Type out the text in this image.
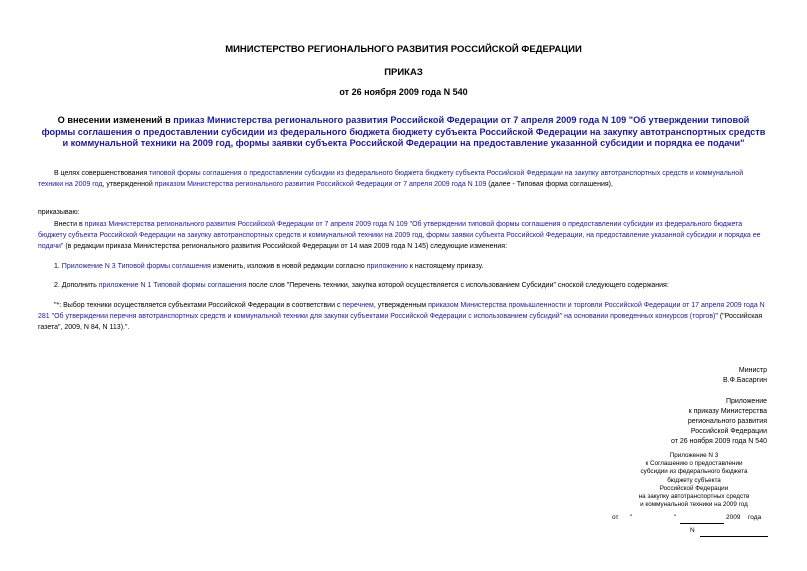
МИНИСТЕРСТВО РЕГИОНАЛЬНОГО РАЗВИТИЯ РОССИЙСКОЙ ФЕДЕРАЦИИ
ПРИКАЗ
от 26 ноября 2009 года N 540
О внесении изменений в приказ Министерства регионального развития Российской Федерации от 7 апреля 2009 года N 109 "Об утверждении типовой формы соглашения о предоставлении субсидии из федерального бюджета бюджету субъекта Российской Федерации на закупку автотранспортных средств и коммунальной техники на 2009 год, формы заявки субъекта Российской Федерации на предоставление указанной субсидии и порядка ее подачи"
В целях совершенствования типовой формы соглашения о предоставлении субсидии из федерального бюджета бюджету субъекта Российской Федерации на закупку автотранспортных средств и коммунальной техники на 2009 год, утвержденной приказом Министерства регионального развития Российской Федерации от 7 апреля 2009 года N 109 (далее - Типовая форма соглашения),
приказываю:
Внести в приказ Министерства регионального развития Российской Федерации от 7 апреля 2009 года N 109 "Об утверждении типовой формы соглашения о предоставлении субсидии из федерального бюджета бюджету субъекта Российской Федерации на закупку автотранспортных средств и коммунальной техники на 2009 год, формы заявки субъекта Российской Федерации, на предоставление указанной субсидии и порядка ее подачи" (в редакции приказа Министерства регионального развития Российской Федерации от 14 мая 2009 года N 145) следующие изменения:
1. Приложение N 3 Типовой формы соглашения изменить, изложив в новой редакции согласно приложению к настоящему приказу.
2. Дополнить приложение N 1 Типовой формы соглашения после слов "Перечень техники, закупка которой осуществляется с использованием Субсидии" сноской следующего содержания:
"*: Выбор техники осуществляется субъектами Российской Федерации в соответствии с перечнем, утвержденным приказом Министерства промышленности и торговли Российской Федерации от 17 апреля 2009 года N 281 "Об утверждении перечня автотранспортных средств и коммунальной техники для закупки субъектами Российской Федерации с использованием субсидий" на основании проведенных конкурсов (торгов)" ("Российская газета", 2009, N 84, N 113).".
Министр
В.Ф.Басаргин
Приложение
к приказу Министерства
регионального развития
Российской Федерации
от 26 ноября 2009 года N 540
Приложение N 3
к Соглашению о предоставлении
субсидии из федерального бюджета
бюджету субъекта
Российской Федерации
на закупку автотранспортных средств
и коммунальной техники на 2009 год
от "	"	2009 года
N
